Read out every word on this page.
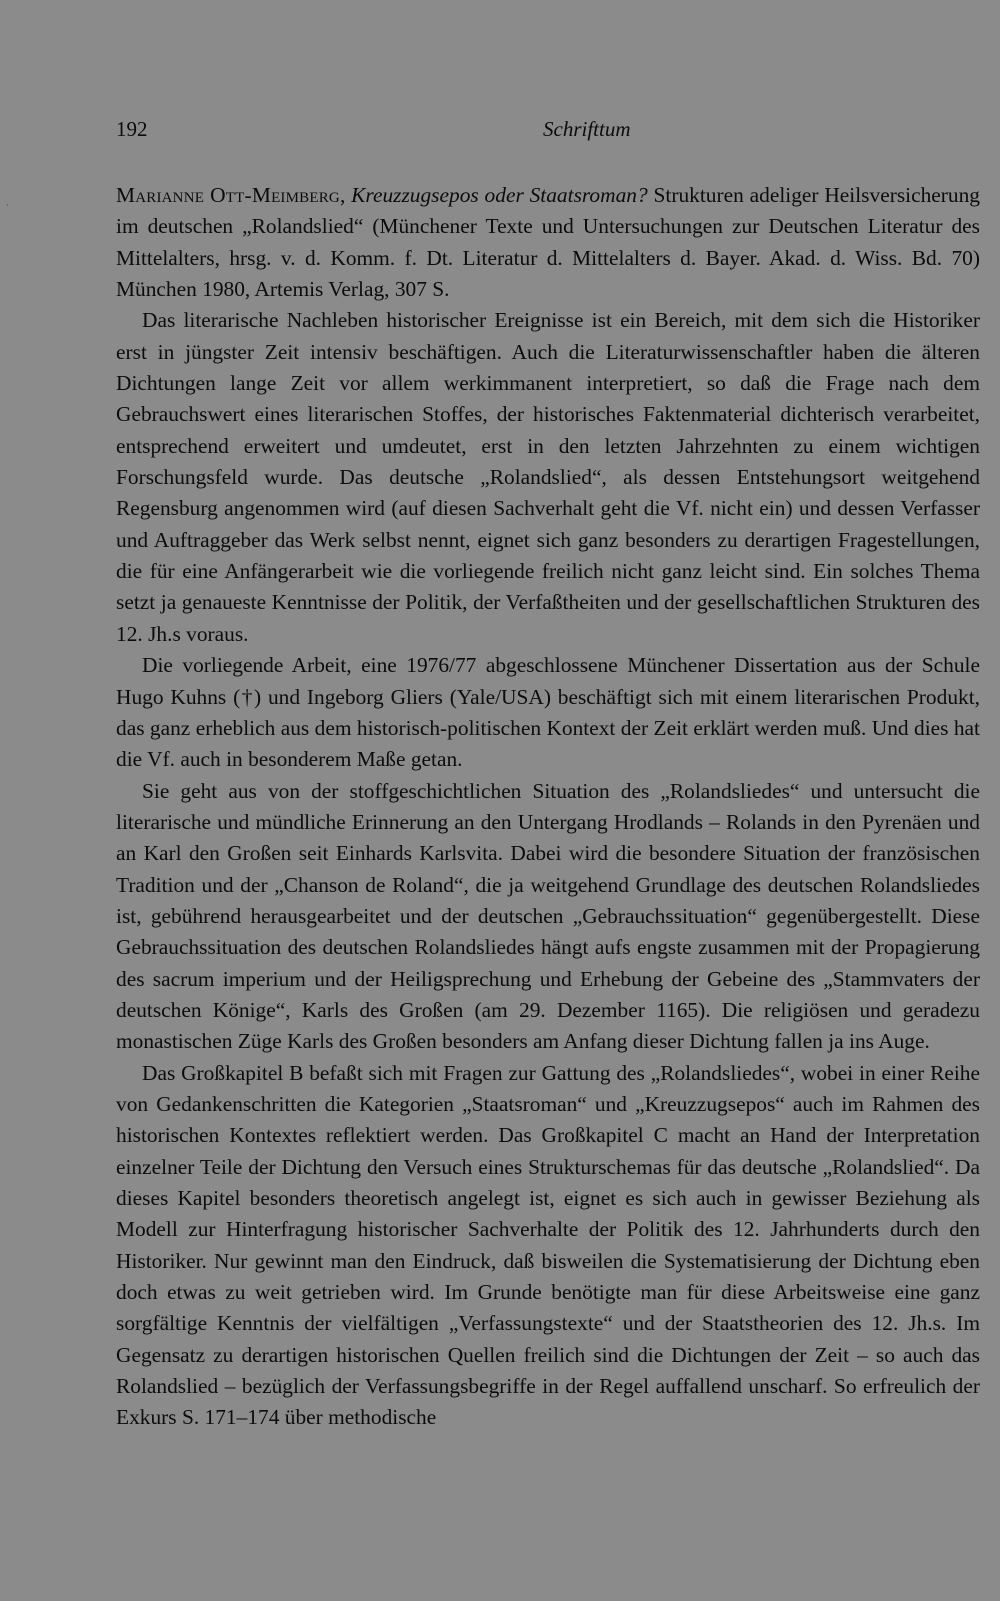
`
192	Schrifttum

Marianne Ott-Meimberg, Kreuzzugsepos oder Staatsroman? Strukturen adeliger Heilsversicherung im deutschen „Rolandslied“ (Münchener Texte und Untersuchungen zur Deutschen Literatur des Mittelalters, hrsg. v. d. Komm. f. Dt. Literatur d. Mittelalters d. Bayer. Akad. d. Wiss. Bd. 70) München 1980, Artemis Verlag, 307 S.

Das literarische Nachleben historischer Ereignisse ist ein Bereich, mit dem sich die Historiker erst in jüngster Zeit intensiv beschäftigen. Auch die Literaturwissenschaftler haben die älteren Dichtungen lange Zeit vor allem werkimmanent interpretiert, so daß die Frage nach dem Gebrauchswert eines literarischen Stoffes, der historisches Faktenmaterial dichterisch verarbeitet, entsprechend erweitert und umdeutet, erst in den letzten Jahrzehnten zu einem wichtigen Forschungsfeld wurde. Das deutsche „Rolandslied“, als dessen Entstehungsort weitgehend Regensburg angenommen wird (auf diesen Sachverhalt geht die Vf. nicht ein) und dessen Verfasser und Auftraggeber das Werk selbst nennt, eignet sich ganz besonders zu derartigen Fragestellungen, die für eine Anfängerarbeit wie die vorliegende freilich nicht ganz leicht sind. Ein solches Thema setzt ja genaueste Kenntnisse der Politik, der Verfaßtheiten und der gesellschaftlichen Strukturen des 12. Jh.s voraus.

Die vorliegende Arbeit, eine 1976/77 abgeschlossene Münchener Dissertation aus der Schule Hugo Kuhns (†) und Ingeborg Gliers (Yale/USA) beschäftigt sich mit einem literarischen Produkt, das ganz erheblich aus dem historisch-politischen Kontext der Zeit erklärt werden muß. Und dies hat die Vf. auch in besonderem Maße getan.

Sie geht aus von der stoffgeschichtlichen Situation des „Rolandsliedes“ und untersucht die literarische und mündliche Erinnerung an den Untergang Hrodlands – Rolands in den Pyrenäen und an Karl den Großen seit Einhards Karlsvita. Dabei wird die besondere Situation der französischen Tradition und der „Chanson de Roland“, die ja weitgehend Grundlage des deutschen Rolandsliedes ist, gebührend herausgearbeitet und der deutschen „Gebrauchssituation“ gegenübergestellt. Diese Gebrauchssituation des deutschen Rolandsliedes hängt aufs engste zusammen mit der Propagierung des sacrum imperium und der Heiligsprechung und Erhebung der Gebeine des „Stammvaters der deutschen Könige“, Karls des Großen (am 29. Dezember 1165). Die religiösen und geradezu monastischen Züge Karls des Großen besonders am Anfang dieser Dichtung fallen ja ins Auge.

Das Großkapitel B befaßt sich mit Fragen zur Gattung des „Rolandsliedes“, wobei in einer Reihe von Gedankenschritten die Kategorien „Staatsroman“ und „Kreuzzugsepos“ auch im Rahmen des historischen Kontextes reflektiert werden. Das Großkapitel C macht an Hand der Interpretation einzelner Teile der Dichtung den Versuch eines Strukturschemas für das deutsche „Rolandslied“. Da dieses Kapitel besonders theoretisch angelegt ist, eignet es sich auch in gewisser Beziehung als Modell zur Hinterfragung historischer Sachverhalte der Politik des 12. Jahrhunderts durch den Historiker. Nur gewinnt man den Eindruck, daß bisweilen die Systematisierung der Dichtung eben doch etwas zu weit getrieben wird. Im Grunde benötigte man für diese Arbeitsweise eine ganz sorgfältige Kenntnis der vielfältigen „Verfassungstexte“ und der Staatstheorien des 12. Jh.s. Im Gegensatz zu derartigen historischen Quellen freilich sind die Dichtungen der Zeit – so auch das Rolandslied – bezüglich der Verfassungsbegriffe in der Regel auffallend unscharf. So erfreulich der Exkurs S. 171–174 über methodische
